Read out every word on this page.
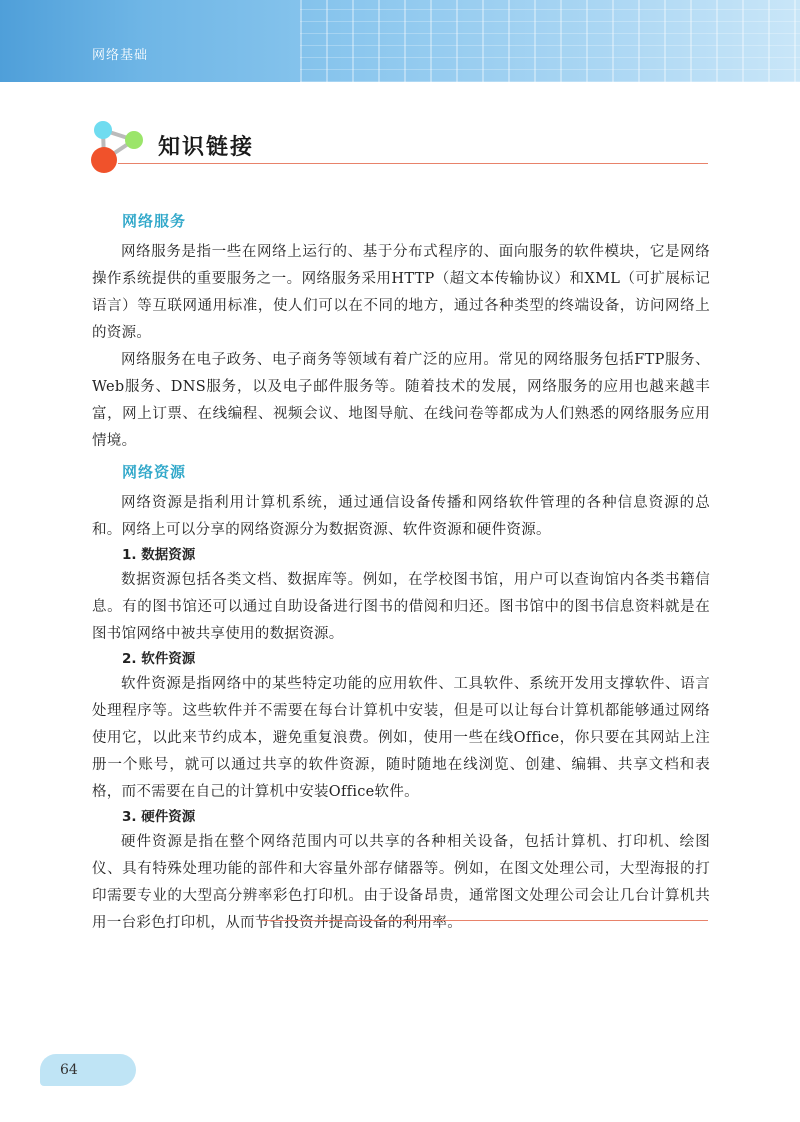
网络基础
知识链接
网络服务

网络服务是指一些在网络上运行的、基于分布式程序的、面向服务的软件模块，它是网络操作系统提供的重要服务之一。网络服务采用HTTP（超文本传输协议）和XML（可扩展标记语言）等互联网通用标准，使人们可以在不同的地方，通过各种类型的终端设备，访问网络上的资源。

网络服务在电子政务、电子商务等领域有着广泛的应用。常见的网络服务包括FTP服务、Web服务、DNS服务，以及电子邮件服务等。随着技术的发展，网络服务的应用也越来越丰富，网上订票、在线编程、视频会议、地图导航、在线问卷等都成为人们熟悉的网络服务应用情境。

网络资源

网络资源是指利用计算机系统，通过通信设备传播和网络软件管理的各种信息资源的总和。网络上可以分享的网络资源分为数据资源、软件资源和硬件资源。

1. 数据资源

数据资源包括各类文档、数据库等。例如，在学校图书馆，用户可以查询馆内各类书籍信息。有的图书馆还可以通过自助设备进行图书的借阅和归还。图书馆中的图书信息资料就是在图书馆网络中被共享使用的数据资源。

2. 软件资源

软件资源是指网络中的某些特定功能的应用软件、工具软件、系统开发用支撑软件、语言处理程序等。这些软件并不需要在每台计算机中安装，但是可以让每台计算机都能够通过网络使用它，以此来节约成本，避免重复浪费。例如，使用一些在线Office，你只要在其网站上注册一个账号，就可以通过共享的软件资源，随时随地在线浏览、创建、编辑、共享文档和表格，而不需要在自己的计算机中安装Office软件。

3. 硬件资源

硬件资源是指在整个网络范围内可以共享的各种相关设备，包括计算机、打印机、绘图仪、具有特殊处理功能的部件和大容量外部存储器等。例如，在图文处理公司，大型海报的打印需要专业的大型高分辨率彩色打印机。由于设备昂贵，通常图文处理公司会让几台计算机共用一台彩色打印机，从而节省投资并提高设备的利用率。

64
